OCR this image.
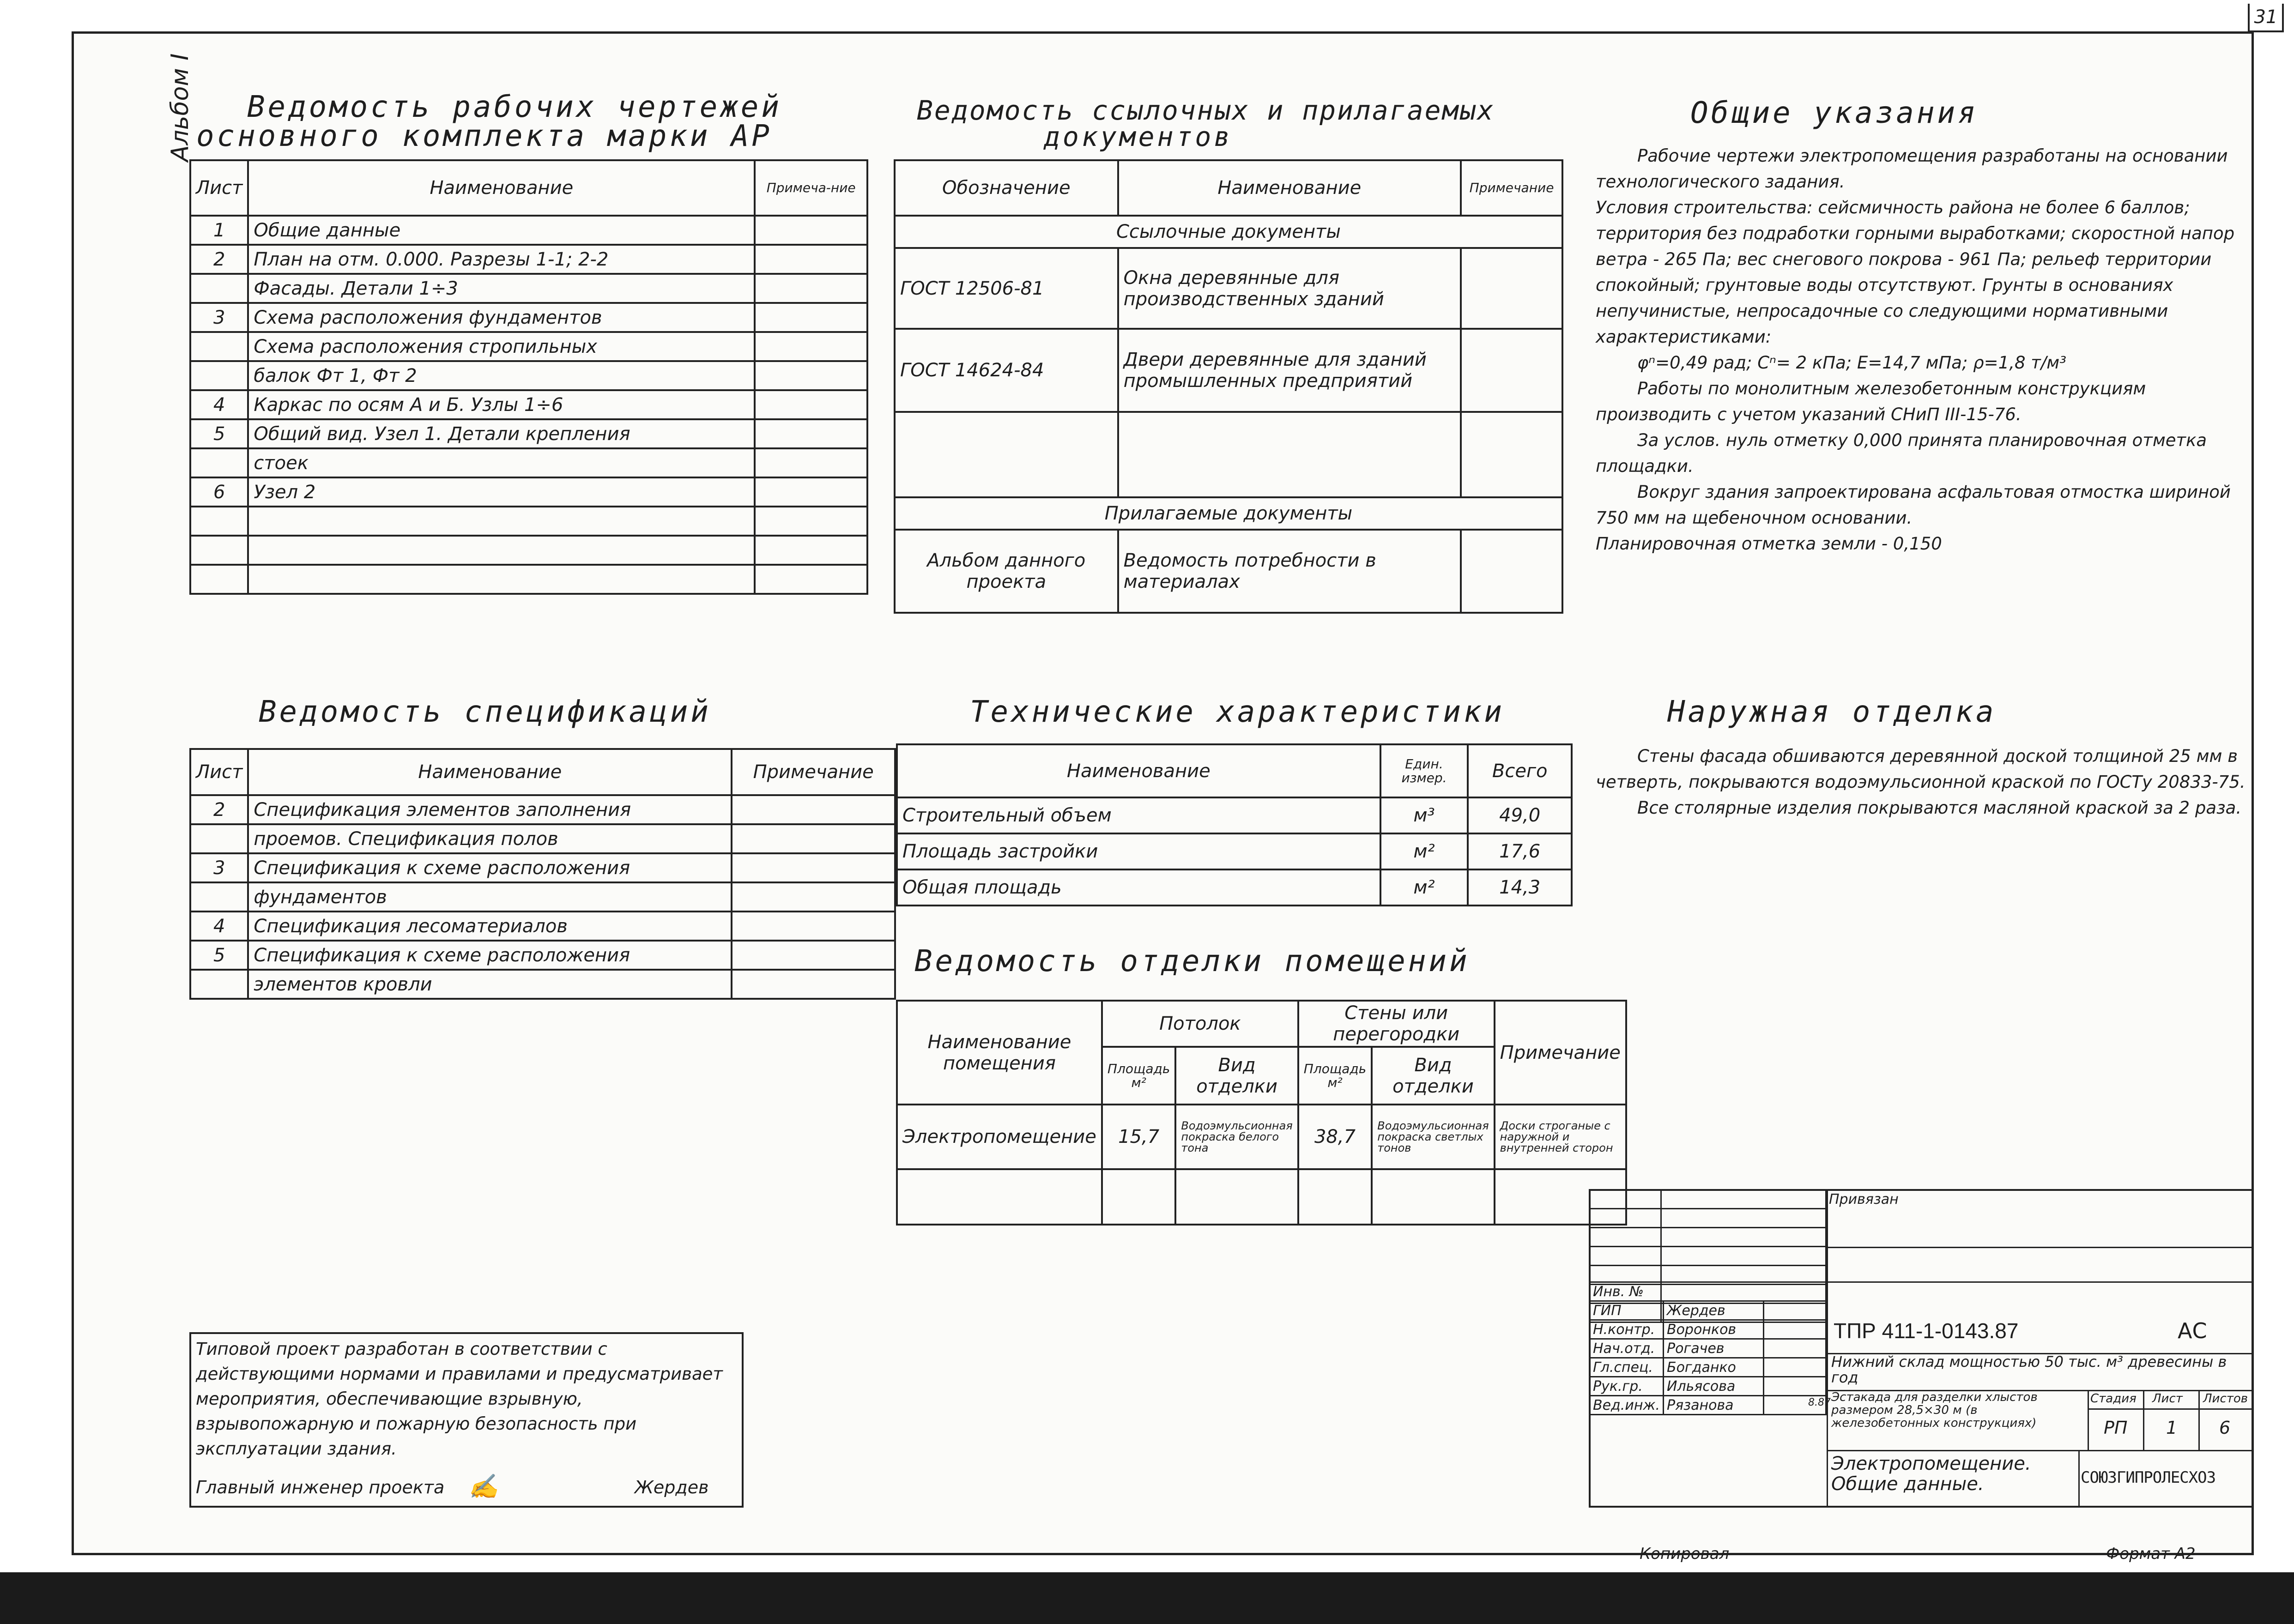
31
Альбом I Ведомость рабочих чертежей
основного комплекта марки АР
Лист	Наименование	Примеча-ние
1	Общие данные	
2	План на отм. 0.000. Разрезы 1-1; 2-2	
	Фасады. Детали 1÷3	
3	Схема расположения фундаментов	
	Схема расположения стропильных	
	балок Фт 1, Фт 2	
4	Каркас по осям А и Б. Узлы 1÷6	
5	Общий вид. Узел 1. Детали крепления	
	стоек	
6	Узел 2	

Ведомость ссылочных и прилагаемых
документов
Обозначение	Наименование	Примечание
Ссылочные документы		
ГОСТ 12506-81	Окна деревянные для производственных зданий	
ГОСТ 14624-84	Двери деревянные для зданий промышленных предприятий	

Прилагаемые документы		
Альбом данного проекта	Ведомость потребности в материалах	
Общие указания

Рабочие чертежи электропомещения разработаны на основании технологического задания.

Условия строительства: сейсмичность района не более 6 баллов; территория без подработки горными выработками; скоростной напор ветра - 265 Па; вес снегового покрова - 961 Па; рельеф территории спокойный; грунтовые воды отсутствуют. Грунты в основаниях непучинистые, непросадочные со следующими нормативными характеристиками:

φⁿ=0,49 рад; Cⁿ= 2 кПа; E=14,7 мПа; ρ=1,8 т/м³

Работы по монолитным железобетонным конструкциям производить с учетом указаний СНиП III-15-76.

За услов. нуль отметку 0,000 принята планировочная отметка площадки.

Вокруг здания запроектирована асфальтовая отмостка шириной 750 мм на щебеночном основании.

Планировочная отметка земли - 0,150

Ведомость спецификаций
Лист	Наименование	Примечание
2	Спецификация элементов заполнения	
	проемов. Спецификация полов	
3	Спецификация к схеме расположения	
	фундаментов	
4	Спецификация лесоматериалов	
5	Спецификация к схеме расположения	
	элементов кровли	
Технические характеристики
Наименование	Един. измер.	Всего
Строительный объем	м³	49,0
Площадь застройки	м²	17,6
Общая площадь	м²	14,3
Наружная отделка

Стены фасада обшиваются деревянной доской толщиной 25 мм в четверть, покрываются водоэмульсионной краской по ГОСТу 20833-75.

Все столярные изделия покрываются масляной краской за 2 раза.

Ведомость отделки помещений
Наименование помещения	Потолок		Стены или перегородки		Примечание
	Площадь м²	Вид отделки	Площадь м²	Вид отделки	
Электропомещение	15,7	Водоэмульсионная покраска белого тона	38,7	Водоэмульсионная покраска светлых тонов	Доски строганые с наружной и внутренней сторон

Типовой проект разработан в соответствии с действующими нормами и правилами и предусматривает мероприятия, обеспечивающие взрывную, взрывопожарную и пожарную безопасность при эксплуатации здания.
Главный инженер проекта ✍	Жердев
Привязан

Инв. №		
ГИП	Жердев	
Н.контр.	Воронков	
Нач.отд.	Рогачев	
Гл.спец.	Богданко	
Рук.гр.	Ильясова	
Вед.инж.	Рязанова		8.87
ТПР 411-1-0143.87	АС
Нижний склад мощностью 50 тыс. м³ древесины в год
Эстакада для разделки хлыстов размером 28,5×30 м (в железобетонных конструкциях)
Стадия Лист Листов
РП 1 6
Электропомещение. Общие данные.	СОЮЗГИПРОЛЕСХОЗ
Копировал	Формат А2
